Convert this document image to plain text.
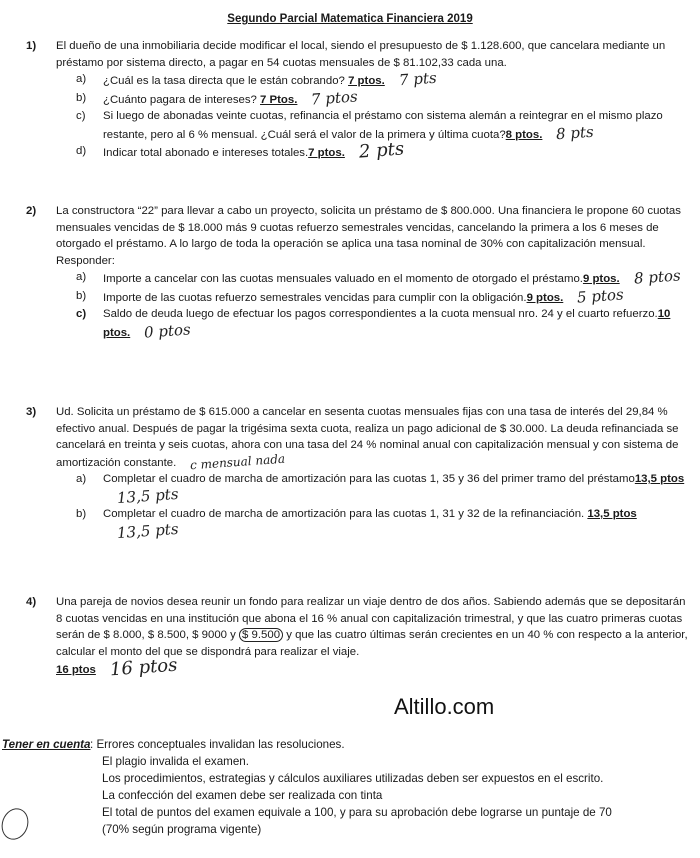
Segundo Parcial Matematica Financiera 2019
1) El dueño de una inmobiliaria decide modificar el local, siendo el presupuesto de $ 1.128.600, que cancelara mediante un préstamo por sistema directo, a pagar en 54 cuotas mensuales de $ 81.102,33 cada una.
a) ¿Cuál es la tasa directa que le están cobrando? 7 ptos. 7 pts
b) ¿Cuánto pagara de intereses? 7 Ptos. 7 ptos
c) Si luego de abonadas veinte cuotas, refinancia el préstamo con sistema alemán a reintegrar en el mismo plazo restante, pero al 6 % mensual. ¿Cuál será el valor de la primera y última cuota?8 ptos. 8 pts
d) Indicar total abonado e intereses totales.7 ptos. 2 pts
2) La constructora “22” para llevar a cabo un proyecto, solicita un préstamo de $ 800.000. Una financiera le propone 60 cuotas mensuales vencidas de $ 18.000 más 9 cuotas refuerzo semestrales vencidas, cancelando la primera a los 6 meses de otorgado el préstamo. A lo largo de toda la operación se aplica una tasa nominal de 30% con capitalización mensual. Responder:
a) Importe a cancelar con las cuotas mensuales valuado en el momento de otorgado el préstamo.9 ptos. 8 ptos
b) Importe de las cuotas refuerzo semestrales vencidas para cumplir con la obligación.9 ptos. 5 ptos
c) Saldo de deuda luego de efectuar los pagos correspondientes a la cuota mensual nro. 24 y el cuarto refuerzo.10 ptos. 0 ptos
3) Ud. Solicita un préstamo de $ 615.000 a cancelar en sesenta cuotas mensuales fijas con una tasa de interés del 29,84 % efectivo anual. Después de pagar la trigésima sexta cuota, realiza un pago adicional de $ 30.000. La deuda refinanciada se cancelará en treinta y seis cuotas, ahora con una tasa del 24 % nominal anual con capitalización mensual y con sistema de amortización constante. c mensual nada
a) Completar el cuadro de marcha de amortización para las cuotas 1, 35 y 36 del primer tramo del préstamo13,5 ptos13,5 pts
b) Completar el cuadro de marcha de amortización para las cuotas 1, 31 y 32 de la refinanciación. 13,5 ptos13,5 pts
4) Una pareja de novios desea reunir un fondo para realizar un viaje dentro de dos años. Sabiendo además que se depositarán 8 cuotas vencidas en una institución que abona el 16 % anual con capitalización trimestral, y que las cuatro primeras cuotas serán de $ 8.000, $ 8.500, $ 9000 y $ 9.500 y que las cuatro últimas serán crecientes en un 40 % con respecto a la anterior, calcular el monto del que se dispondrá para realizar el viaje.
16 ptos 16 ptos
Altillo.com
Tener en cuenta : Errores conceptuales invalidan las resoluciones.
El plagio invalida el examen.
Los procedimientos, estrategias y cálculos auxiliares utilizadas deben ser expuestos en el escrito.
La confección del examen debe ser realizada con tinta
El total de puntos del examen equivale a 100, y para su aprobación debe lograrse un puntaje de 70
(70% según programa vigente)
